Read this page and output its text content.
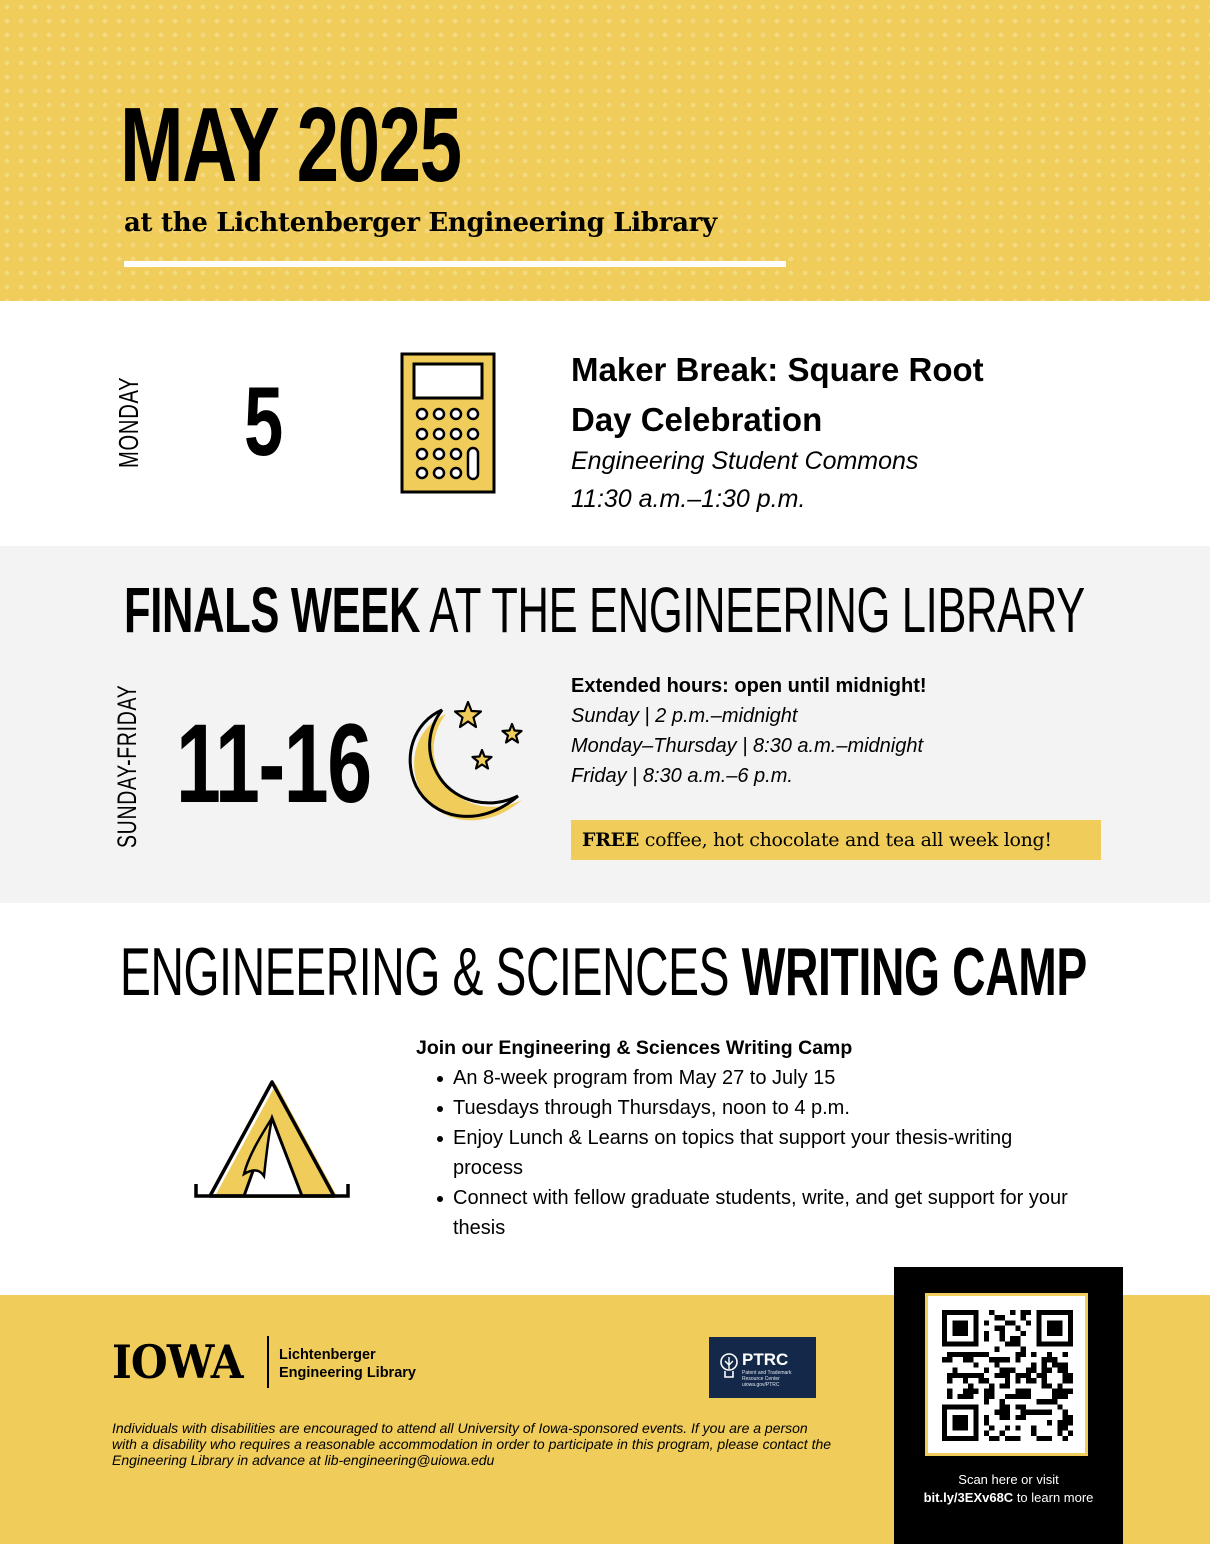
MAY 2025
at the Lichtenberger Engineering Library
MONDAY 5	Maker Break: Square Root Day Celebration
Engineering Student Commons
11:30 a.m.–1:30 p.m.
FINALS WEEK AT THE ENGINEERING LIBRARY
SUNDAY-FRIDAY 11-16
Extended hours: open until midnight!
Sunday | 2 p.m.–midnight
Monday–Thursday | 8:30 a.m.–midnight
Friday | 8:30 a.m.–6 p.m.
FREE coffee, hot chocolate and tea all week long!
ENGINEERING & SCIENCES WRITING CAMP
Join our Engineering & Sciences Writing Camp
An 8-week program from May 27 to July 15
Tuesdays through Thursdays, noon to 4 p.m.
Enjoy Lunch & Learns on topics that support your thesis-writing process
Connect with fellow graduate students, write, and get support for your thesis
IOWA	Lichtenberger Engineering Library
PTRC
Patent and Trademark Resource Center uiowa.gov/PTRC
Individuals with disabilities are encouraged to attend all University of Iowa-sponsored events. If you are a person with a disability who requires a reasonable accommodation in order to participate in this program, please contact the Engineering Library in advance at lib-engineering@uiowa.edu
Scan here or visit
bit.ly/3EXv68C to learn more
